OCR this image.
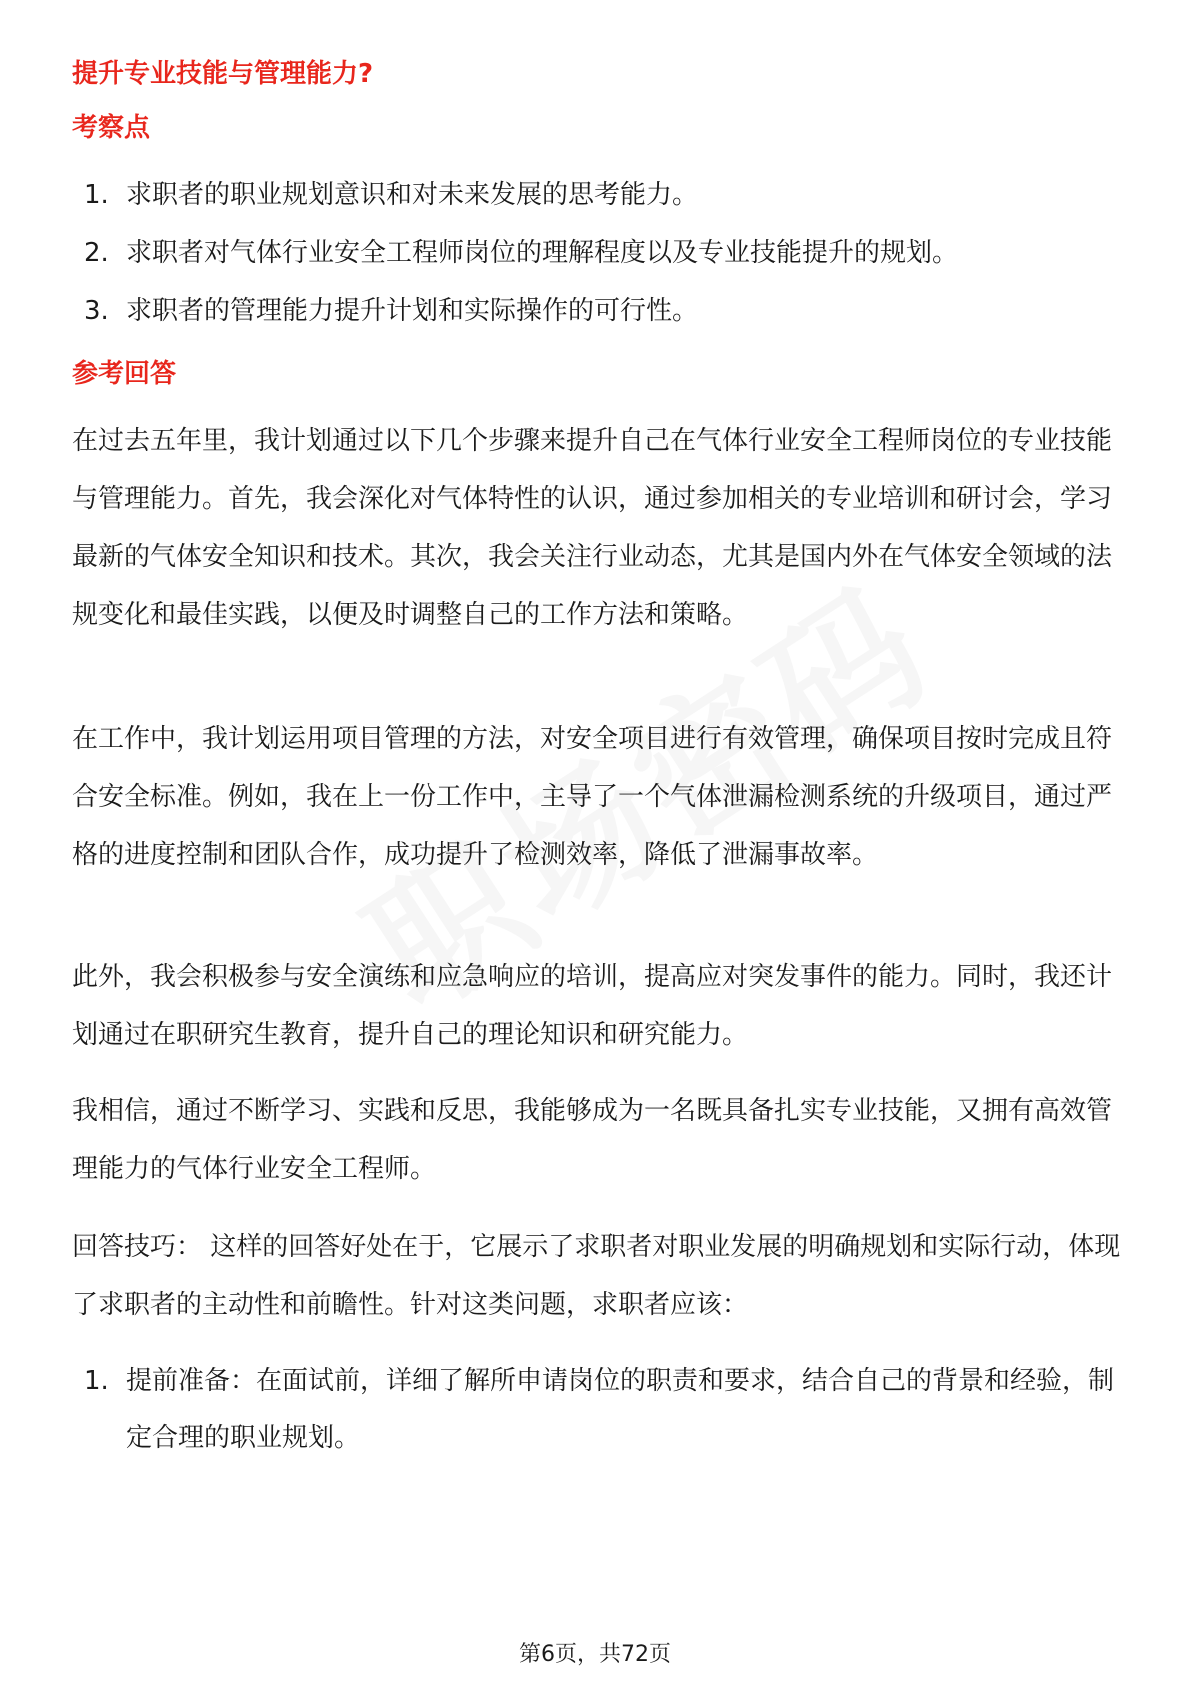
提升专业技能与管理能力?
考察点
1. 求职者的职业规划意识和对未来发展的思考能力。
2. 求职者对气体行业安全工程师岗位的理解程度以及专业技能提升的规划。
3. 求职者的管理能力提升计划和实际操作的可行性。
参考回答

在过去五年里，我计划通过以下几个步骤来提升自己在气体行业安全工程师岗位的专业技能与管理能力。首先，我会深化对气体特性的认识，通过参加相关的专业培训和研讨会，学习最新的气体安全知识和技术。其次，我会关注行业动态，尤其是国内外在气体安全领域的法规变化和最佳实践，以便及时调整自己的工作方法和策略。

在工作中，我计划运用项目管理的方法，对安全项目进行有效管理，确保项目按时完成且符合安全标准。例如，我在上一份工作中，主导了一个气体泄漏检测系统的升级项目，通过严格的进度控制和团队合作，成功提升了检测效率，降低了泄漏事故率。

此外，我会积极参与安全演练和应急响应的培训，提高应对突发事件的能力。同时，我还计划通过在职研究生教育，提升自己的理论知识和研究能力。

我相信，通过不断学习、实践和反思，我能够成为一名既具备扎实专业技能，又拥有高效管理能力的气体行业安全工程师。

回答技巧： 这样的回答好处在于，它展示了求职者对职业发展的明确规划和实际行动，体现了求职者的主动性和前瞻性。针对这类问题，求职者应该：

1. 提前准备：在面试前，详细了解所申请岗位的职责和要求，结合自己的背景和经验，制定合理的职业规划。
第6页，共72页
